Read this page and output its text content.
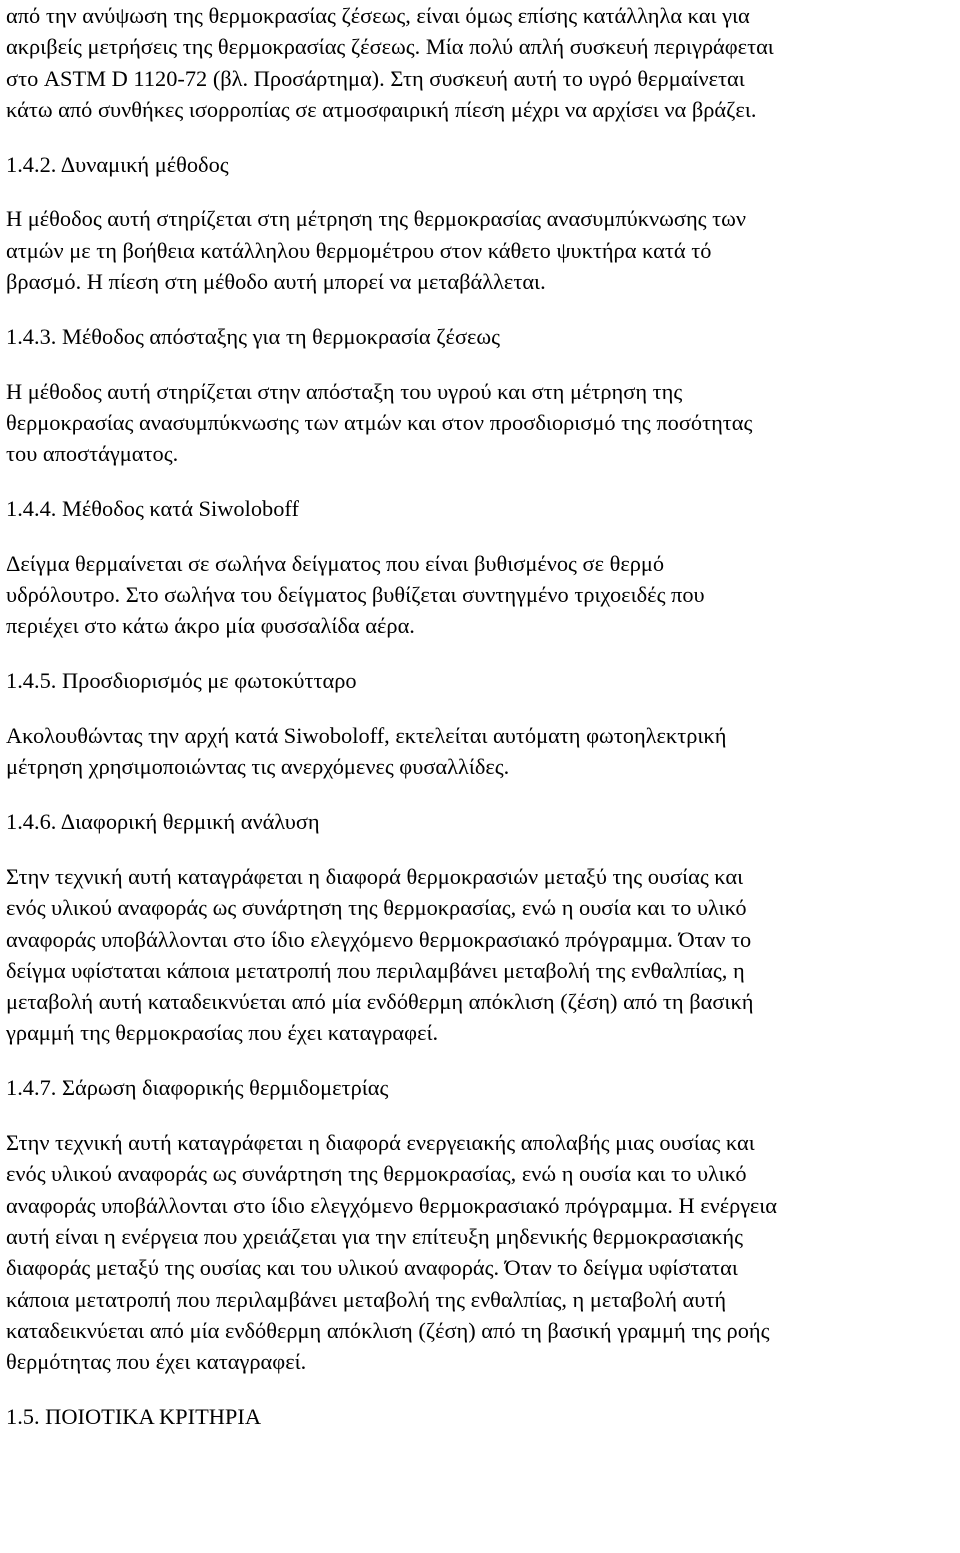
από την ανύψωση της θερμοκρασίας ζέσεως, είναι όμως επίσης κατάλληλα και για
ακριβείς μετρήσεις της θερμοκρασίας ζέσεως. Μία πολύ απλή συσκευή περιγράφεται
στο ASTM D 1120-72 (βλ. Προσάρτημα). Στη συσκευή αυτή το υγρό θερμαίνεται
κάτω από συνθήκες ισορροπίας σε ατμοσφαιρική πίεση μέχρι να αρχίσει να βράζει.
1.4.2. Δυναμική μέθοδος
Η μέθοδος αυτή στηρίζεται στη μέτρηση της θερμοκρασίας ανασυμπύκνωσης των
ατμών με τη βοήθεια κατάλληλου θερμομέτρου στον κάθετο ψυκτήρα κατά τό
βρασμό. Η πίεση στη μέθοδο αυτή μπορεί να μεταβάλλεται.
1.4.3. Μέθοδος απόσταξης για τη θερμοκρασία ζέσεως
Η μέθοδος αυτή στηρίζεται στην απόσταξη του υγρού και στη μέτρηση της
θερμοκρασίας ανασυμπύκνωσης των ατμών και στον προσδιορισμό της ποσότητας
του αποστάγματος.
1.4.4. Μέθοδος κατά Siwoloboff
Δείγμα θερμαίνεται σε σωλήνα δείγματος που είναι βυθισμένος σε θερμό
υδρόλουτρο. Στο σωλήνα του δείγματος βυθίζεται συντηγμένο τριχοειδές που
περιέχει στο κάτω άκρο μία φυσσαλίδα αέρα.
1.4.5. Προσδιορισμός με φωτοκύτταρο
Ακολουθώντας την αρχή κατά Siwoboloff, εκτελείται αυτόματη φωτοηλεκτρική
μέτρηση χρησιμοποιώντας τις ανερχόμενες φυσαλλίδες.
1.4.6. Διαφορική θερμική ανάλυση
Στην τεχνική αυτή καταγράφεται η διαφορά θερμοκρασιών μεταξύ της ουσίας και
ενός υλικού αναφοράς ως συνάρτηση της θερμοκρασίας, ενώ η ουσία και το υλικό
αναφοράς υποβάλλονται στο ίδιο ελεγχόμενο θερμοκρασιακό πρόγραμμα. Όταν το
δείγμα υφίσταται κάποια μετατροπή που περιλαμβάνει μεταβολή της ενθαλπίας, η
μεταβολή αυτή καταδεικνύεται από μία ενδόθερμη απόκλιση (ζέση) από τη βασική
γραμμή της θερμοκρασίας που έχει καταγραφεί.
1.4.7. Σάρωση διαφορικής θερμιδομετρίας
Στην τεχνική αυτή καταγράφεται η διαφορά ενεργειακής απολαβής μιας ουσίας και
ενός υλικού αναφοράς ως συνάρτηση της θερμοκρασίας, ενώ η ουσία και το υλικό
αναφοράς υποβάλλονται στο ίδιο ελεγχόμενο θερμοκρασιακό πρόγραμμα. Η ενέργεια
αυτή είναι η ενέργεια που χρειάζεται για την επίτευξη μηδενικής θερμοκρασιακής
διαφοράς μεταξύ της ουσίας και του υλικού αναφοράς. Όταν το δείγμα υφίσταται
κάποια μετατροπή που περιλαμβάνει μεταβολή της ενθαλπίας, η μεταβολή αυτή
καταδεικνύεται από μία ενδόθερμη απόκλιση (ζέση) από τη βασική γραμμή της ροής
θερμότητας που έχει καταγραφεί.
1.5. ΠΟΙΟΤΙΚΑ ΚΡΙΤΗΡΙΑ
